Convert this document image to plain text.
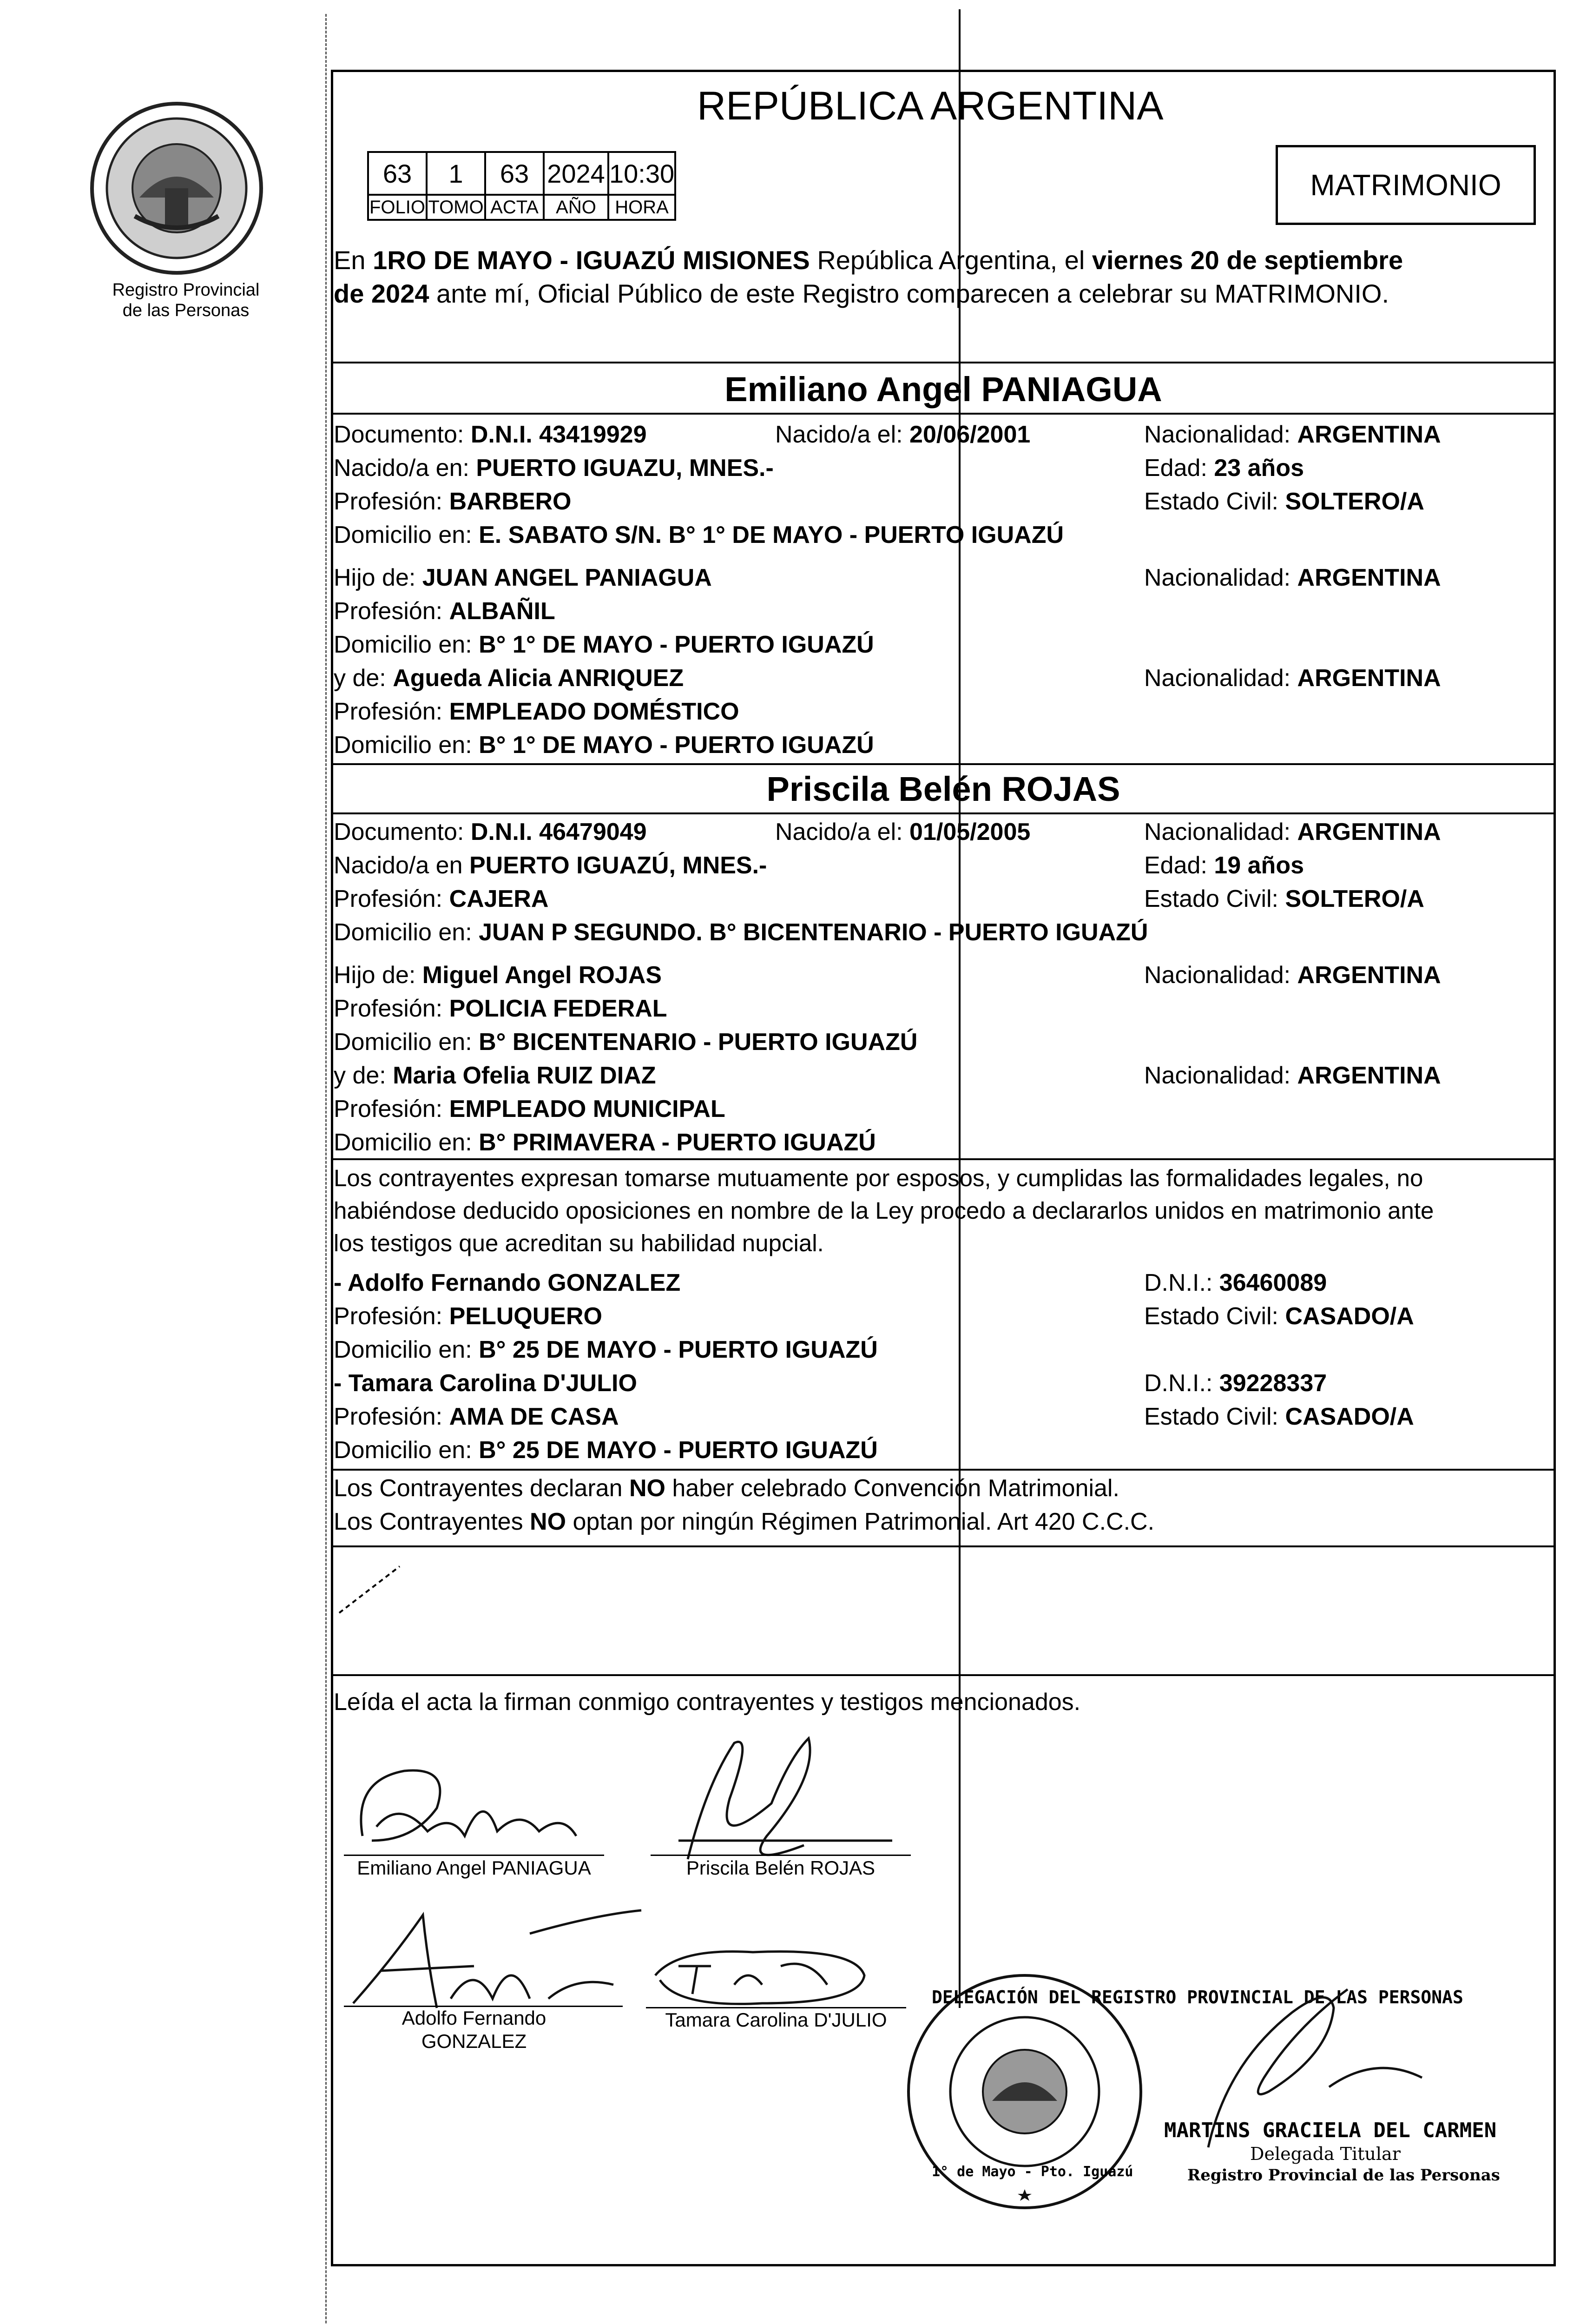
Registro Provincial
de las Personas
REPÚBLICA ARGENTINA
63	1	63	2024	10:30
FOLIO	TOMO	ACTA	AÑO	HORA
MATRIMONIO
En 1RO DE MAYO - IGUAZÚ MISIONES República Argentina, el viernes 20 de septiembre
de 2024 ante mí, Oficial Público de este Registro comparecen a celebrar su MATRIMONIO.
Emiliano Angel PANIAGUA
Documento: D.N.I. 43419929	Nacido/a el: 20/06/2001	Nacionalidad: ARGENTINA
Nacido/a en: PUERTO IGUAZU, MNES.-	Edad: 23 años
Profesión: BARBERO	Estado Civil: SOLTERO/A
Domicilio en: E. SABATO S/N. B° 1° DE MAYO - PUERTO IGUAZÚ
Hijo de: JUAN ANGEL PANIAGUA	Nacionalidad: ARGENTINA
Profesión: ALBAÑIL
Domicilio en: B° 1° DE MAYO - PUERTO IGUAZÚ
y de: Agueda Alicia ANRIQUEZ	Nacionalidad: ARGENTINA
Profesión: EMPLEADO DOMÉSTICO
Domicilio en: B° 1° DE MAYO - PUERTO IGUAZÚ
Priscila Belén ROJAS
Documento: D.N.I. 46479049	Nacido/a el: 01/05/2005	Nacionalidad: ARGENTINA
Nacido/a en PUERTO IGUAZÚ, MNES.-	Edad: 19 años
Profesión: CAJERA	Estado Civil: SOLTERO/A
Domicilio en: JUAN P SEGUNDO. B° BICENTENARIO - PUERTO IGUAZÚ
Hijo de: Miguel Angel ROJAS	Nacionalidad: ARGENTINA
Profesión: POLICIA FEDERAL
Domicilio en: B° BICENTENARIO - PUERTO IGUAZÚ
y de: Maria Ofelia RUIZ DIAZ	Nacionalidad: ARGENTINA
Profesión: EMPLEADO MUNICIPAL
Domicilio en: B° PRIMAVERA - PUERTO IGUAZÚ
Los contrayentes expresan tomarse mutuamente por esposos, y cumplidas las formalidades legales, no
habiéndose deducido oposiciones en nombre de la Ley procedo a declararlos unidos en matrimonio ante
los testigos que acreditan su habilidad nupcial.
- Adolfo Fernando GONZALEZ	D.N.I.: 36460089
Profesión: PELUQUERO	Estado Civil: CASADO/A
Domicilio en: B° 25 DE MAYO - PUERTO IGUAZÚ
- Tamara Carolina D'JULIO	D.N.I.: 39228337
Profesión: AMA DE CASA	Estado Civil: CASADO/A
Domicilio en: B° 25 DE MAYO - PUERTO IGUAZÚ
Los Contrayentes declaran NO haber celebrado Convención Matrimonial.
Los Contrayentes NO optan por ningún Régimen Patrimonial. Art 420 C.C.C.
Leída el acta la firman conmigo contrayentes y testigos mencionados.
Emiliano Angel PANIAGUA	Priscila Belén ROJAS
Adolfo Fernando
GONZALEZ
Tamara Carolina D'JULIO
DELEGACIÓN DEL REGISTRO PROVINCIAL DE LAS PERSONAS
1° de Mayo - Pto. Iguazú
MARTINS GRACIELA DEL CARMEN
Delegada Titular
Registro Provincial de las Personas
